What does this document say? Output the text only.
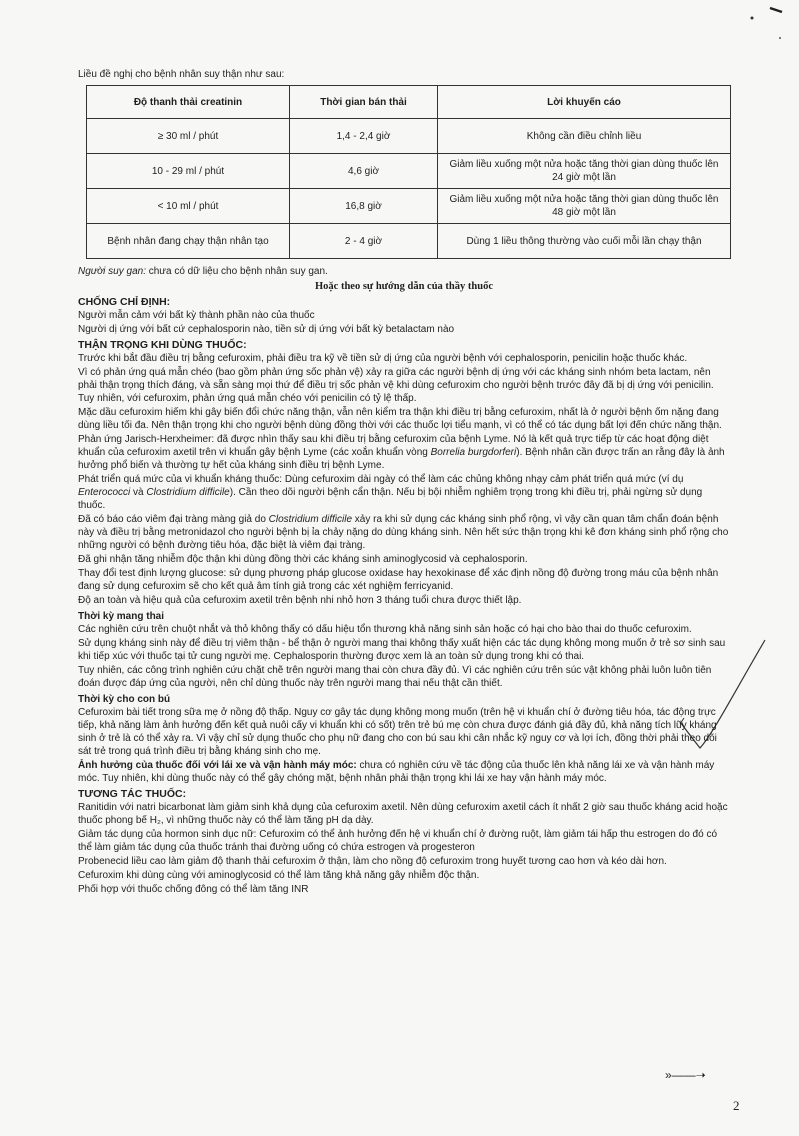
Liều đề nghị cho bệnh nhân suy thận như sau:

Độ thanh thải creatinin	Thời gian bán thải	Lời khuyến cáo
≥ 30 ml / phút	1,4 - 2,4 giờ	Không cần điều chỉnh liều
10 - 29 ml / phút	4,6 giờ	Giảm liều xuống một nửa hoặc tăng thời gian dùng thuốc lên 24 giờ một lần
< 10 ml / phút	16,8 giờ	Giảm liều xuống một nửa hoặc tăng thời gian dùng thuốc lên 48 giờ một lần
Bệnh nhân đang chạy thận nhân tạo	2 - 4 giờ	Dùng 1 liều thông thường vào cuối mỗi lần chạy thận

Người suy gan: chưa có dữ liệu cho bệnh nhân suy gan.

Hoặc theo sự hướng dẫn của thầy thuốc
CHỐNG CHỈ ĐỊNH:

Người mẫn cảm với bất kỳ thành phần nào của thuốc

Người dị ứng với bất cứ cephalosporin nào, tiền sử dị ứng với bất kỳ betalactam nào

THẬN TRỌNG KHI DÙNG THUỐC:

Trước khi bắt đầu điều trị bằng cefuroxim, phải điều tra kỹ về tiền sử dị ứng của người bệnh với cephalosporin, penicilin hoặc thuốc khác.

Vì có phản ứng quá mẫn chéo (bao gồm phản ứng sốc phản vệ) xảy ra giữa các người bệnh dị ứng với các kháng sinh nhóm beta lactam, nên phải thận trọng thích đáng, và sẵn sàng mọi thứ để điều trị sốc phản vệ khi dùng cefuroxim cho người bệnh trước đây đã bị dị ứng với penicilin. Tuy nhiên, với cefuroxim, phản ứng quá mẫn chéo với penicilin có tỷ lệ thấp.

Mặc dầu cefuroxim hiếm khi gây biến đổi chức năng thận, vẫn nên kiểm tra thận khi điều trị bằng cefuroxim, nhất là ở người bệnh ốm nặng đang dùng liều tối đa. Nên thận trọng khi cho người bệnh dùng đồng thời với các thuốc lợi tiểu mạnh, vì có thể có tác dụng bất lợi đến chức năng thận.

Phản ứng Jarisch-Herxheimer: đã được nhìn thấy sau khi điều trị bằng cefuroxim của bệnh Lyme. Nó là kết quả trực tiếp từ các hoạt động diệt khuẩn của cefuroxim axetil trên vi khuẩn gây bệnh Lyme (các xoắn khuẩn vòng Borrelia burgdorferi). Bệnh nhân cần được trấn an rằng đây là ảnh hưởng phổ biến và thường tự hết của kháng sinh điều trị bệnh Lyme.

Phát triển quá mức của vi khuẩn kháng thuốc: Dùng cefuroxim dài ngày có thể làm các chủng không nhạy cảm phát triển quá mức (ví dụ Enterococci và Clostridium difficile). Cần theo dõi người bệnh cẩn thận. Nếu bị bội nhiễm nghiêm trọng trong khi điều trị, phải ngừng sử dụng thuốc.

Đã có báo cáo viêm đại tràng màng giả do Clostridium difficile xảy ra khi sử dụng các kháng sinh phổ rộng, vì vậy cần quan tâm chẩn đoán bệnh này và điều trị bằng metronidazol cho người bệnh bị ỉa chảy nặng do dùng kháng sinh. Nên hết sức thận trọng khi kê đơn kháng sinh phổ rộng cho những người có bệnh đường tiêu hóa, đặc biệt là viêm đại tràng.

Đã ghi nhận tăng nhiễm độc thận khi dùng đồng thời các kháng sinh aminoglycosid và cephalosporin.

Thay đổi test định lượng glucose: sử dụng phương pháp glucose oxidase hay hexokinase để xác định nồng độ đường trong máu của bệnh nhân đang sử dụng cefuroxim sẽ cho kết quả âm tính giả trong các xét nghiệm ferricyanid.

Độ an toàn và hiệu quả của cefuroxim axetil trên bệnh nhi nhỏ hơn 3 tháng tuổi chưa được thiết lập.

Thời kỳ mang thai

Các nghiên cứu trên chuột nhắt và thỏ không thấy có dấu hiệu tổn thương khả năng sinh sản hoặc có hại cho bào thai do thuốc cefuroxim.

Sử dụng kháng sinh này để điều trị viêm thận - bể thận ở người mang thai không thấy xuất hiện các tác dụng không mong muốn ở trẻ sơ sinh sau khi tiếp xúc với thuốc tại tử cung người mẹ. Cephalosporin thường được xem là an toàn sử dụng trong khi có thai.

Tuy nhiên, các công trình nghiên cứu chặt chẽ trên người mang thai còn chưa đầy đủ. Vì các nghiên cứu trên súc vật không phải luôn luôn tiên đoán được đáp ứng của người, nên chỉ dùng thuốc này trên người mang thai nếu thật cần thiết.

Thời kỳ cho con bú

Cefuroxim bài tiết trong sữa mẹ ở nồng độ thấp. Nguy cơ gây tác dụng không mong muốn (trên hệ vi khuẩn chí ở đường tiêu hóa, tác động trực tiếp, khả năng làm ảnh hưởng đến kết quả nuôi cấy vi khuẩn khi có sốt) trên trẻ bú mẹ còn chưa được đánh giá đầy đủ, khả năng tích lũy kháng sinh ở trẻ là có thể xảy ra. Vì vậy chỉ sử dụng thuốc cho phụ nữ đang cho con bú sau khi cân nhắc kỹ nguy cơ và lợi ích, đồng thời phải theo dõi sát trẻ trong quá trình điều trị bằng kháng sinh cho mẹ.

Ảnh hưởng của thuốc đối với lái xe và vận hành máy móc: chưa có nghiên cứu về tác động của thuốc lên khả năng lái xe và vận hành máy móc. Tuy nhiên, khi dùng thuốc này có thể gây chóng mặt, bệnh nhân phải thận trọng khi lái xe hay vận hành máy móc.

TƯƠNG TÁC THUỐC:

Ranitidin với natri bicarbonat làm giảm sinh khả dụng của cefuroxim axetil. Nên dùng cefuroxim axetil cách ít nhất 2 giờ sau thuốc kháng acid hoặc thuốc phong bế H₂, vì những thuốc này có thể làm tăng pH dạ dày.

Giảm tác dụng của hormon sinh dục nữ: Cefuroxim có thể ảnh hưởng đến hệ vi khuẩn chí ở đường ruột, làm giảm tái hấp thu estrogen do đó có thể làm giảm tác dụng của thuốc tránh thai đường uống có chứa estrogen và progesteron

Probenecid liều cao làm giảm độ thanh thải cefuroxim ở thận, làm cho nồng độ cefuroxim trong huyết tương cao hơn và kéo dài hơn.

Cefuroxim khi dùng cùng với aminoglycosid có thể làm tăng khả năng gây nhiễm độc thận.

Phối hợp với thuốc chống đông có thể làm tăng INR

»——➝
2
